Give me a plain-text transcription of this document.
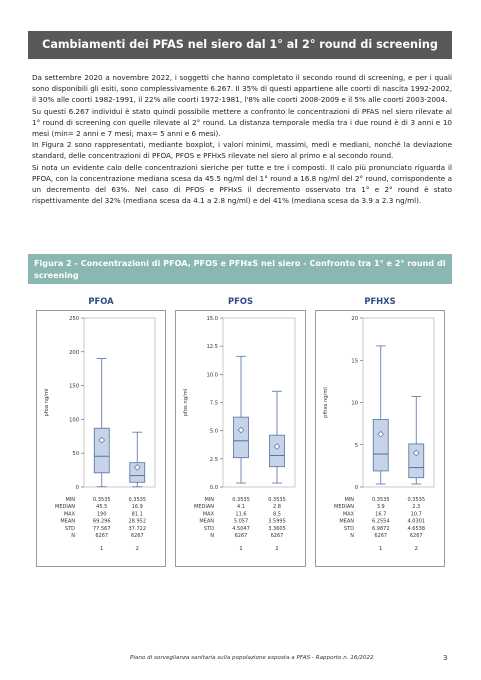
Cambiamenti dei PFAS nel siero dal 1° al 2° round di screening

Da settembre 2020 a novembre 2022, i soggetti che hanno completato il secondo round di screening, e per i quali sono disponibili gli esiti, sono complessivamente 6.267. Il 35% di questi appartiene alle coorti di nascita 1992-2002, il 30% alle coorti 1982-1991, il 22% alle coorti 1972-1981, l'8% alle coorti 2008-2009 e il 5% alle coorti 2003-2004.

Su questi 6.267 individui è stato quindi possibile mettere a confronto le concentrazioni di PFAS nel siero rilevate al 1° round di screening con quelle rilevate al 2° round. La distanza temporale media tra i due round è di 3 anni e 10 mesi (min= 2 anni e 7 mesi; max= 5 anni e 6 mesi).

In Figura 2 sono rappresentati, mediante boxplot, i valori minimi, massimi, medi e mediani, nonché la deviazione standard, delle concentrazioni di PFOA, PFOS e PFHxS rilevate nel siero al primo e al secondo round.

Si nota un evidente calo delle concentrazioni sieriche per tutte e tre i composti. Il calo più pronunciato riguarda il PFOA, con la concentrazione mediana scesa da 45.5 ng/ml del 1° round a 16.8 ng/ml del 2° round, corrispondente a un decremento del 63%. Nel caso di PFOS e PFHxS il decremento osservato tra 1° e 2° round è stato rispettivamente del 32% (mediana scesa da 4.1 a 2.8 ng/ml) e del 41% (mediana scesa da 3.9 a 2.3 ng/ml).

Figura 2 - Concentrazioni di PFOA, PFOS e PFHxS nel siero - Confronto tra 1° e 2° round di screening
PFOA	PFOS	PFHXS
0
50
100
150
200
250
pfoa ng/ml
MIN	0.3535	0.3535
MEDIAN	45.5	16.9
MAX	190	81.1
MEAN	69.296	28.952
STD	77.567	37.722
N	6267	6267
1	2
0.0
2.5
5.0
7.5
10.0
12.5
15.0
pfos ng/ml
MIN	0.3535	0.3535
MEDIAN	4.1	2.8
MAX	11.6	8.5
MEAN	5.057	3.5995
STD	4.5047	3.3605
N	6267	6267
1	2
0
5
10
15
20
pfhxs ng/ml
MIN	0.3535	0.3535
MEDIAN	3.9	2.3
MAX	16.7	10.7
MEAN	6.2554	4.0301
STD	6.9872	4.6538
N	6267	6267
1	2
Piano di sorveglianza sanitaria sulla popolazione esposta a PFAS - Rapporto n. 16/2022	3
